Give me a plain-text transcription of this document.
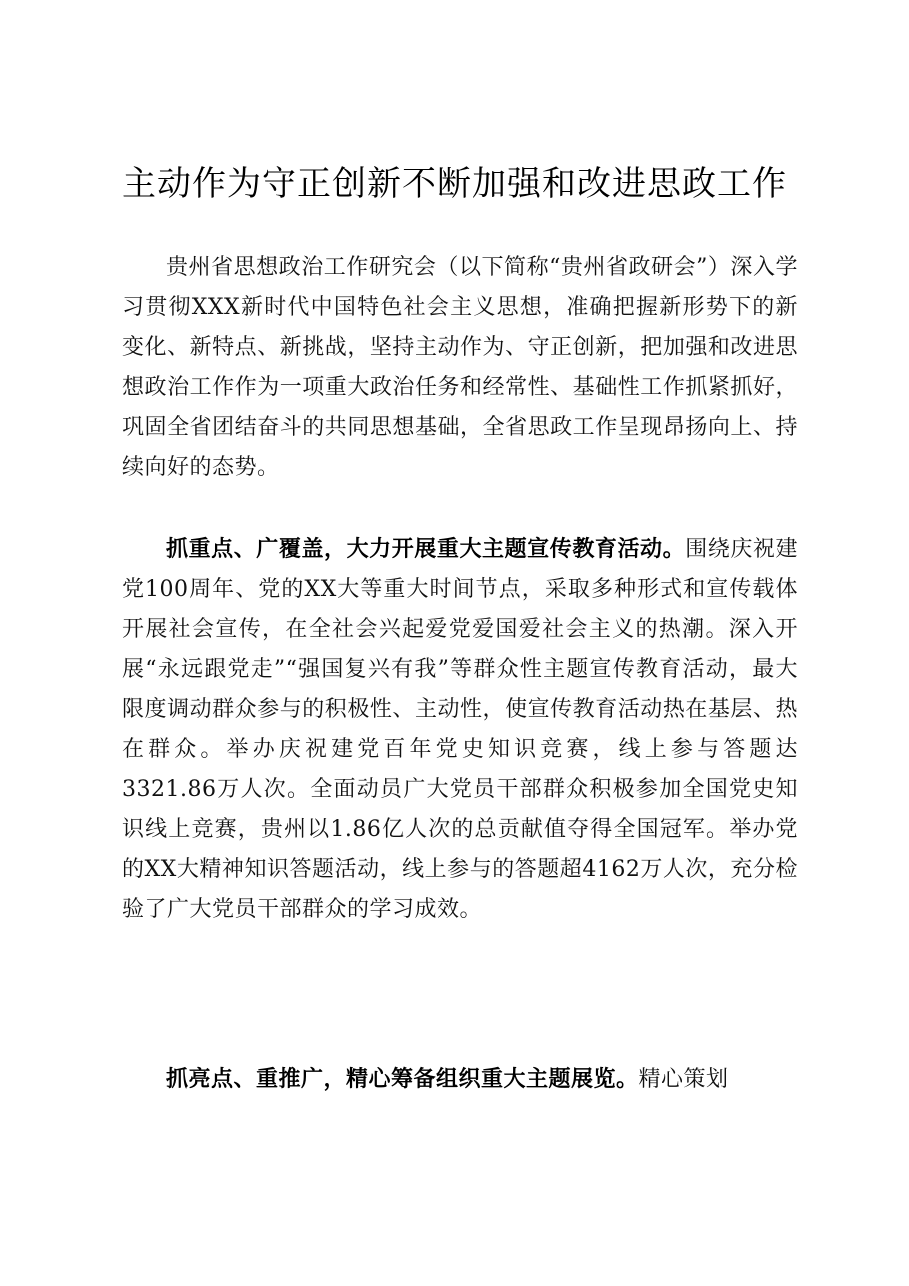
主动作为守正创新不断加强和改进思政工作

贵州省思想政治工作研究会（以下简称“贵州省政研会”）深入学习贯彻XXX新时代中国特色社会主义思想，准确把握新形势下的新变化、新特点、新挑战，坚持主动作为、守正创新，把加强和改进思想政治工作作为一项重大政治任务和经常性、基础性工作抓紧抓好，巩固全省团结奋斗的共同思想基础，全省思政工作呈现昂扬向上、持续向好的态势。

抓重点、广覆盖，大力开展重大主题宣传教育活动。围绕庆祝建党100周年、党的XX大等重大时间节点，采取多种形式和宣传载体开展社会宣传，在全社会兴起爱党爱国爱社会主义的热潮。深入开展“永远跟党走”“强国复兴有我”等群众性主题宣传教育活动，最大限度调动群众参与的积极性、主动性，使宣传教育活动热在基层、热在群众。举办庆祝建党百年党史知识竞赛，线上参与答题达3321.86万人次。全面动员广大党员干部群众积极参加全国党史知识线上竞赛，贵州以1.86亿人次的总贡献值夺得全国冠军。举办党的XX大精神知识答题活动，线上参与的答题超4162万人次，充分检验了广大党员干部群众的学习成效。

抓亮点、重推广，精心筹备组织重大主题展览。精心策划
